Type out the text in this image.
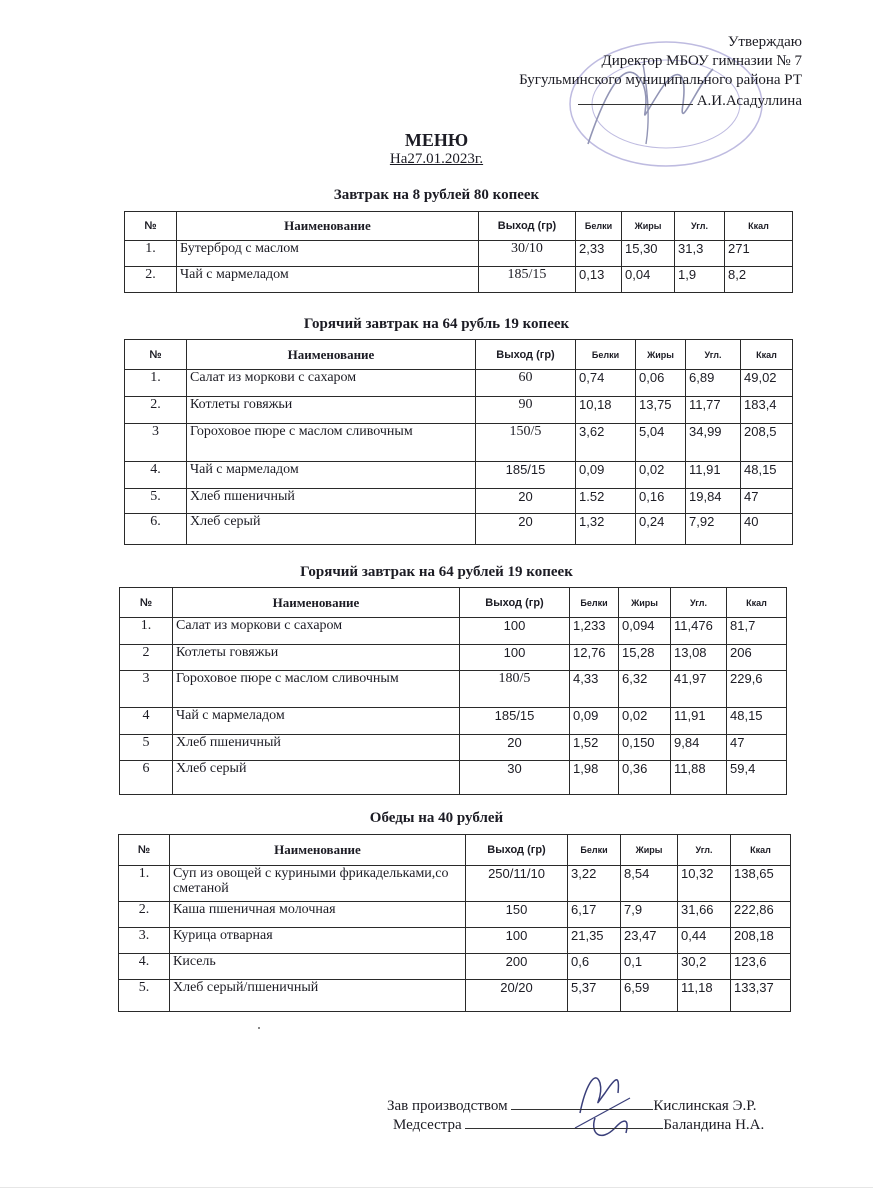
Утверждаю
Директор МБОУ гимназии № 7
Бугульминского муниципального района РТ
А.И.Асадуллина
МЕНЮ
На27.01.2023г.
Завтрак на 8 рублей 80 копеек
№	Наименование	Выход (гр)	Белки	Жиры	Угл.	Ккал
1.	Бутерброд с маслом	30/10	2,33	15,30	31,3	271
2.	Чай с мармеладом	185/15	0,13	0,04	1,9	8,2
Горячий завтрак на 64 рубль 19 копеек
№	Наименование	Выход (гр)	Белки	Жиры	Угл.	Ккал
1.	Салат из моркови с сахаром	60	0,74	0,06	6,89	49,02
2.	Котлеты говяжьи	90	10,18	13,75	11,77	183,4
3	Гороховое пюре с маслом сливочным	150/5	3,62	5,04	34,99	208,5
4.	Чай с мармеладом	185/15	0,09	0,02	11,91	48,15
5.	Хлеб пшеничный	20	1.52	0,16	19,84	47
6.	Хлеб серый	20	1,32	0,24	7,92	40
Горячий завтрак на 64 рублей 19 копеек
№	Наименование	Выход (гр)	Белки	Жиры	Угл.	Ккал
1.	Салат из моркови с сахаром	100	1,233	0,094	11,476	81,7
2	Котлеты говяжьи	100	12,76	15,28	13,08	206
3	Гороховое пюре с маслом сливочным	180/5	4,33	6,32	41,97	229,6
4	Чай с мармеладом	185/15	0,09	0,02	11,91	48,15
5	Хлеб пшеничный	20	1,52	0,150	9,84	47
6	Хлеб серый	30	1,98	0,36	11,88	59,4
Обеды на 40 рублей
№	Наименование	Выход (гр)	Белки	Жиры	Угл.	Ккал
1.	Суп из овощей с куриными фрикадельками,со сметаной	250/11/10	3,22	8,54	10,32	138,65
2.	Каша пшеничная молочная	150	6,17	7,9	31,66	222,86
3.	Курица отварная	100	21,35	23,47	0,44	208,18
4.	Кисель	200	0,6	0,1	30,2	123,6
5.	Хлеб серый/пшеничный	20/20	5,37	6,59	11,18	133,37
Зав производством	Кислинская Э.Р.
Медсестра	Баландина Н.А.
